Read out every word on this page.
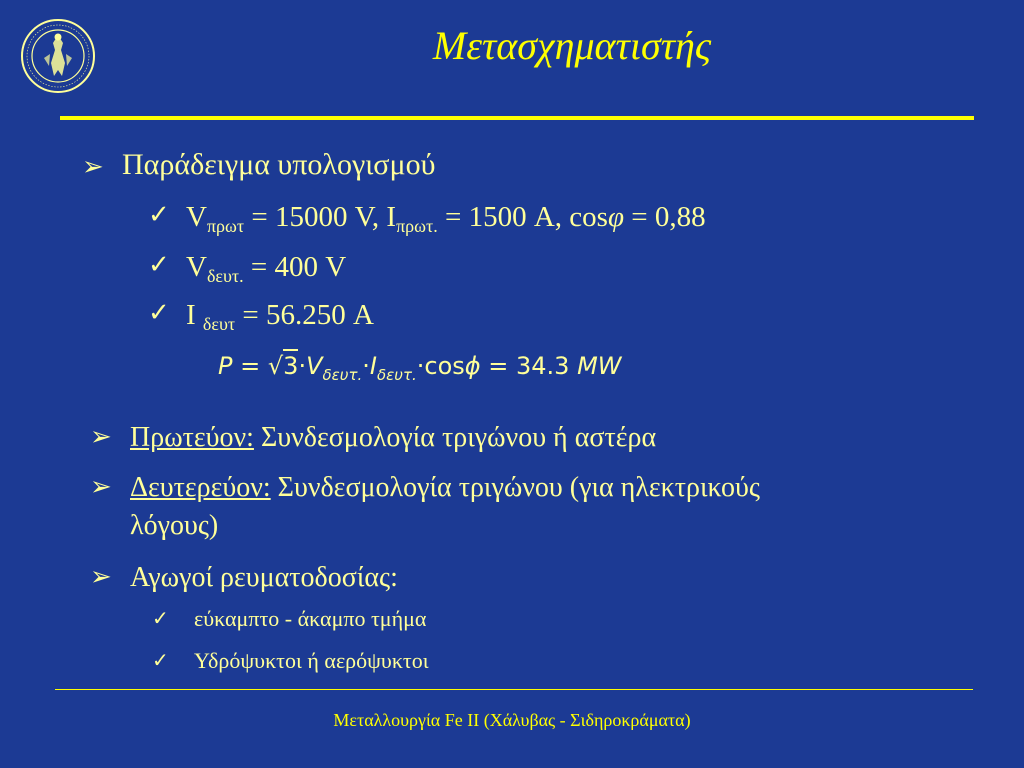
Μετασχηματιστής
➢ Παράδειγμα υπολογισμού
✓ $V_{\pi\rho\omega\tau} = 15000$ V, $I_{\pi\rho\omega\tau.} = 1500$ A, cosφ = 0,88
✓ $V_{\delta\varepsilon\upsilon\tau.} = 400$ V
✓ I $_{\delta\varepsilon\upsilon\tau}$ = 56.250 A
$P = √3\cdot V_{\delta\varepsilon\upsilon\tau.}\cdot I_{\delta\varepsilon\upsilon\tau.}\cdot\cos\phi = 34.3$ MW
➢ Πρωτεύον: Συνδεσμολογία τριγώνου ή αστέρα
➢ Δευτερεύον: Συνδεσμολογία τριγώνου (για ηλεκτρικούς
λόγους)
➢ Αγωγοί ρευματοδοσίας:
✓ εύκαμπτο - άκαμπο τμήμα
✓ Υδρόψυκτοι ή αερόψυκτοι
Μεταλλουργία Fe II (Χάλυβας - Σιδηροκράματα)
